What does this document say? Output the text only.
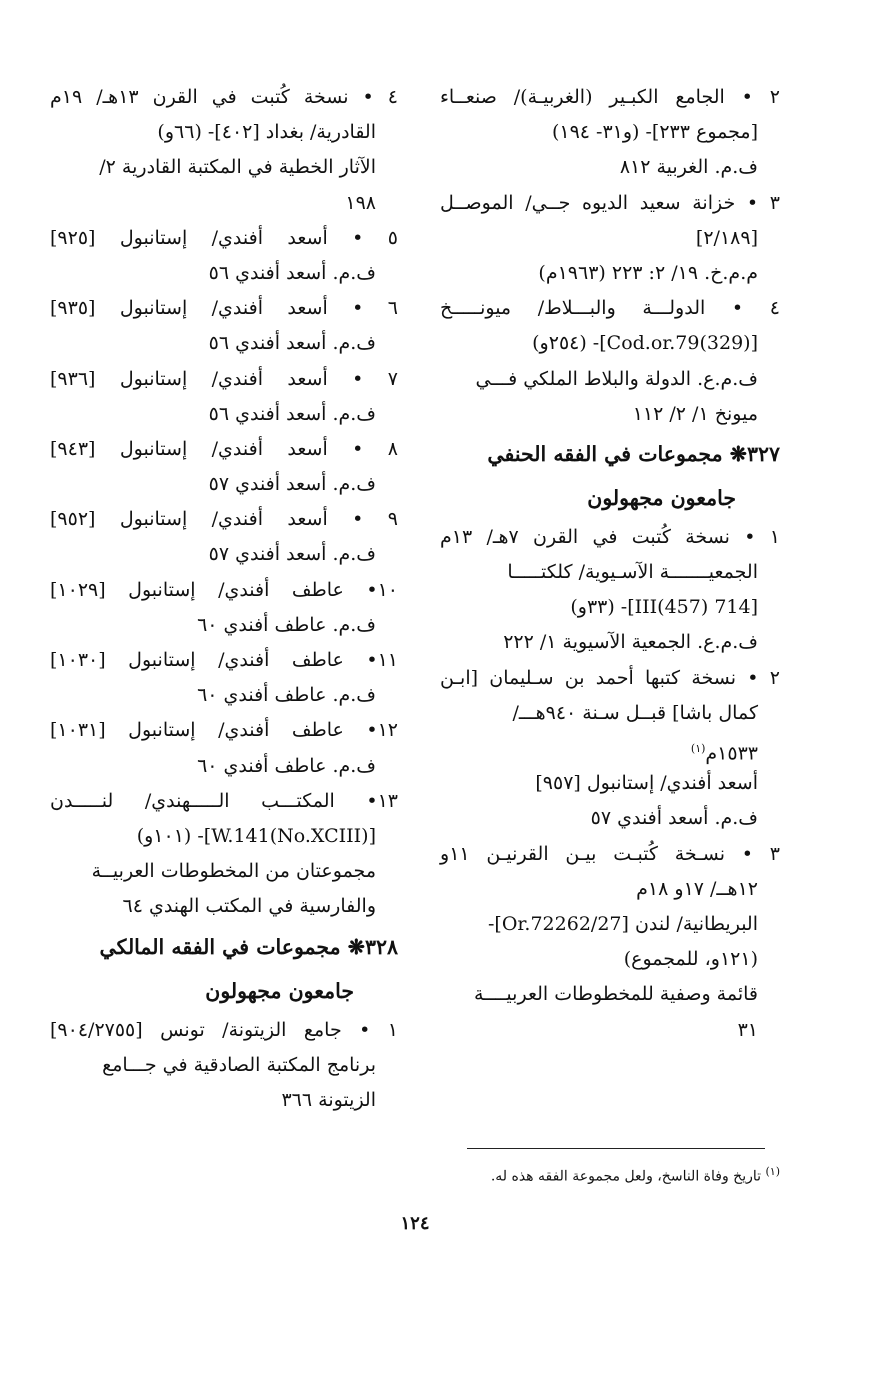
٢ • الجامع الكبـير (الغربيـة)/ صنعــاء
[مجموع ٢٣٣]- (و٣١- ١٩٤)
ف.م. الغربية ٨١٢
٣ • خزانة سعيد الديوه جــي/ الموصــل
[٢/١٨٩]
م.م.خ. ١٩/ ٢: ٢٢٣ (١٩٦٣م)
٤ • الدولـــة والبـــلاط/ ميونـــــخ
[Cod.or.79(329)]- (٢٥٤و)
ف.م.ع. الدولة والبلاط الملكي فـــي
ميونخ ١/ ٢/ ١١٢
٣٢٧❋ مجموعات في الفقه الحنفي
جامعون مجهولون
١ • نسخة كُتبت في القرن ٧هـ/ ١٣م
الجمعيـــــــة الآسـيوية/ كلكتـــــا
[714 III(457)]- (٣٣و)
ف.م.ع. الجمعية الآسيوية ١/ ٢٢٢
٢ • نسخة كتبها أحمد بن سـليمان [ابـن
كمال باشا] قبــل سـنة ٩٤٠هـــ/
١٥٣٣م$^{(١)}$
أسعد أفندي/ إستانبول [٩٥٧]
ف.م. أسعد أفندي ٥٧
٣ • نسـخة كُتبـت بيـن القرنيـن ١١و
١٢هــ/ ١٧و ١٨م
البريطانية/ لندن [Or.72262/27]-
(١٢١و، للمجموع)
قائمة وصفية للمخطوطات العربيــــة
٣١
٤ • نسخة كُتبت في القرن ١٣هـ/ ١٩م
القادرية/ بغداد [٤٠٢]- (٦٦و)
الآثار الخطية في المكتبة القادرية ٢/
١٩٨
٥ • أسعد أفندي/ إستانبول [٩٢٥]
ف.م. أسعد أفندي ٥٦
٦ • أسعد أفندي/ إستانبول [٩٣٥]
ف.م. أسعد أفندي ٥٦
٧ • أسعد أفندي/ إستانبول [٩٣٦]
ف.م. أسعد أفندي ٥٦
٨ • أسعد أفندي/ إستانبول [٩٤٣]
ف.م. أسعد أفندي ٥٧
٩ • أسعد أفندي/ إستانبول [٩٥٢]
ف.م. أسعد أفندي ٥٧
١٠• عاطف أفندي/ إستانبول [١٠٢٩]
ف.م. عاطف أفندي ٦٠
١١• عاطف أفندي/ إستانبول [١٠٣٠]
ف.م. عاطف أفندي ٦٠
١٢• عاطف أفندي/ إستانبول [١٠٣١]
ف.م. عاطف أفندي ٦٠
١٣• المكتـــب الـــــهندي/ لنـــــدن
[W.141(No.XCIII)]- (١٠١و)
مجموعتان من المخطوطات العربيــة
والفارسية في المكتب الهندي ٦٤
٣٢٨❋ مجموعات في الفقه المالكي
جامعون مجهولون
١ • جامع الزيتونة/ تونس [٩٠٤/٢٧٥٥]
برنامج المكتبة الصادقية في جـــامع
الزيتونة ٣٦٦
$^{(١)}$ تاريخ وفاة الناسخ، ولعل مجموعة الفقه هذه له.
١٢٤
